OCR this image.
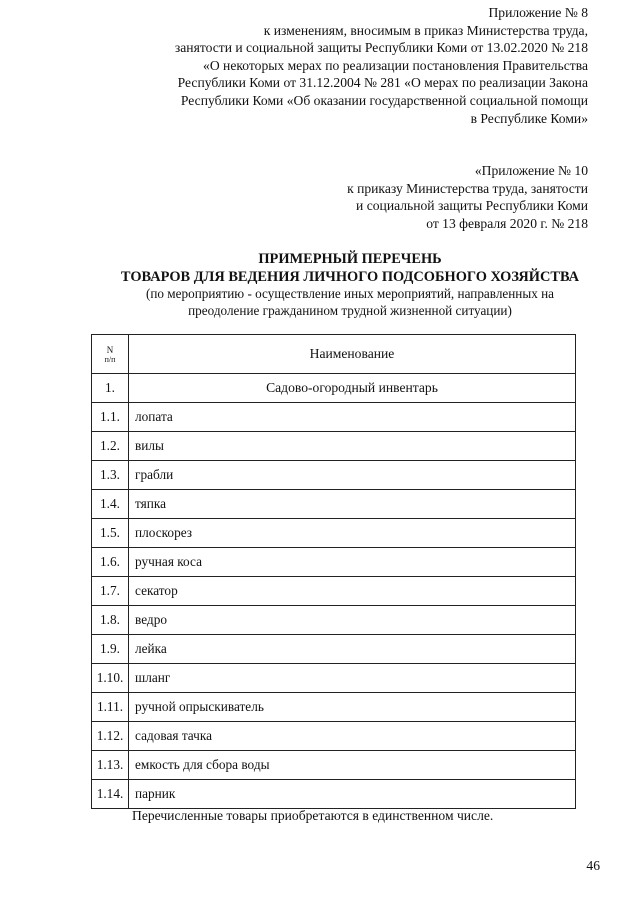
Приложение № 8
к изменениям, вносимым в приказ Министерства труда,
занятости и социальной защиты Республики Коми от 13.02.2020 № 218
«О некоторых мерах по реализации постановления Правительства
Республики Коми от 31.12.2004 № 281 «О мерах по реализации Закона
Республики Коми «Об оказании государственной социальной помощи
в Республике Коми»
«Приложение № 10
к приказу Министерства труда, занятости
и социальной защиты Республики Коми
от 13 февраля 2020 г. № 218
ПРИМЕРНЫЙ ПЕРЕЧЕНЬ
ТОВАРОВ ДЛЯ ВЕДЕНИЯ ЛИЧНОГО ПОДСОБНОГО ХОЗЯЙСТВА
(по мероприятию - осуществление иных мероприятий, направленных на
преодоление гражданином трудной жизненной ситуации)
N
п/п	Наименование
1.	Садово-огородный инвентарь
1.1.	лопата
1.2.	вилы
1.3.	грабли
1.4.	тяпка
1.5.	плоскорез
1.6.	ручная коса
1.7.	секатор
1.8.	ведро
1.9.	лейка
1.10.	шланг
1.11.	ручной опрыскиватель
1.12.	садовая тачка
1.13.	емкость для сбора воды
1.14.	парник
Перечисленные товары приобретаются в единственном числе.
46
